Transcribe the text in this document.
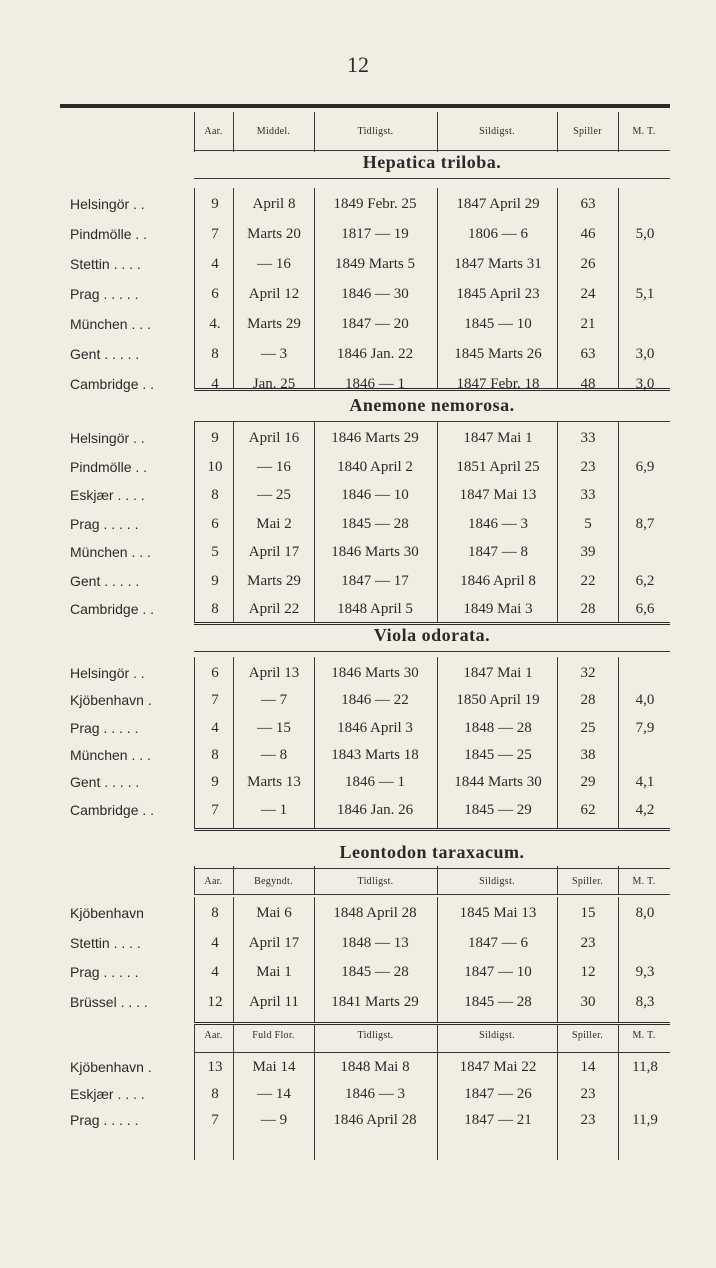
12
Aar.	Middel.	Tidligst.	Sildigst.	Spiller	M. T.
Hepatica triloba.
Helsingör . .	9	April 8	1849 Febr. 25	1847 April 29	63
Pindmölle . .	7	Marts 20	1817 — 19	1806 — 6	46	5,0
Stettin . . . .	4	— 16	1849 Marts 5	1847 Marts 31	26
Prag . . . . .	6	April 12	1846 — 30	1845 April 23	24	5,1
München . . .	4.	Marts 29	1847 — 20	1845 — 10	21
Gent . . . . .	8	— 3	1846 Jan. 22	1845 Marts 26	63	3,0
Cambridge . .	4	Jan. 25	1846 — 1	1847 Febr. 18	48	3,0
Anemone nemorosa.
Helsingör . .	9	April 16	1846 Marts 29	1847 Mai 1	33
Pindmölle . .	10	— 16	1840 April 2	1851 April 25	23	6,9
Eskjær . . . .	8	— 25	1846 — 10	1847 Mai 13	33
Prag . . . . .	6	Mai 2	1845 — 28	1846 — 3	5	8,7
München . . .	5	April 17	1846 Marts 30	1847 — 8	39
Gent . . . . .	9	Marts 29	1847 — 17	1846 April 8	22	6,2
Cambridge . .	8	April 22	1848 April 5	1849 Mai 3	28	6,6
Viola odorata.
Helsingör . .	6	April 13	1846 Marts 30	1847 Mai 1	32
Kjöbenhavn .	7	— 7	1846 — 22	1850 April 19	28	4,0
Prag . . . . .	4	— 15	1846 April 3	1848 — 28	25	7,9
München . . .	8	— 8	1843 Marts 18	1845 — 25	38
Gent . . . . .	9	Marts 13	1846 — 1	1844 Marts 30	29	4,1
Cambridge . .	7	— 1	1846 Jan. 26	1845 — 29	62	4,2
Leontodon taraxacum.
Aar.	Begyndt.	Tidligst.	Sildigst.	Spiller.	M. T.
Kjöbenhavn	8	Mai 6	1848 April 28	1845 Mai 13	15	8,0
Stettin . . . .	4	April 17	1848 — 13	1847 — 6	23
Prag . . . . .	4	Mai 1	1845 — 28	1847 — 10	12	9,3
Brüssel . . . .	12	April 11	1841 Marts 29	1845 — 28	30	8,3
Aar.	Fuld Flor.	Tidligst.	Sildigst.	Spiller.	M. T.
Kjöbenhavn .	13	Mai 14	1848 Mai 8	1847 Mai 22	14	11,8
Eskjær . . . .	8	— 14	1846 — 3	1847 — 26	23
Prag . . . . .	7	— 9	1846 April 28	1847 — 21	23	11,9
